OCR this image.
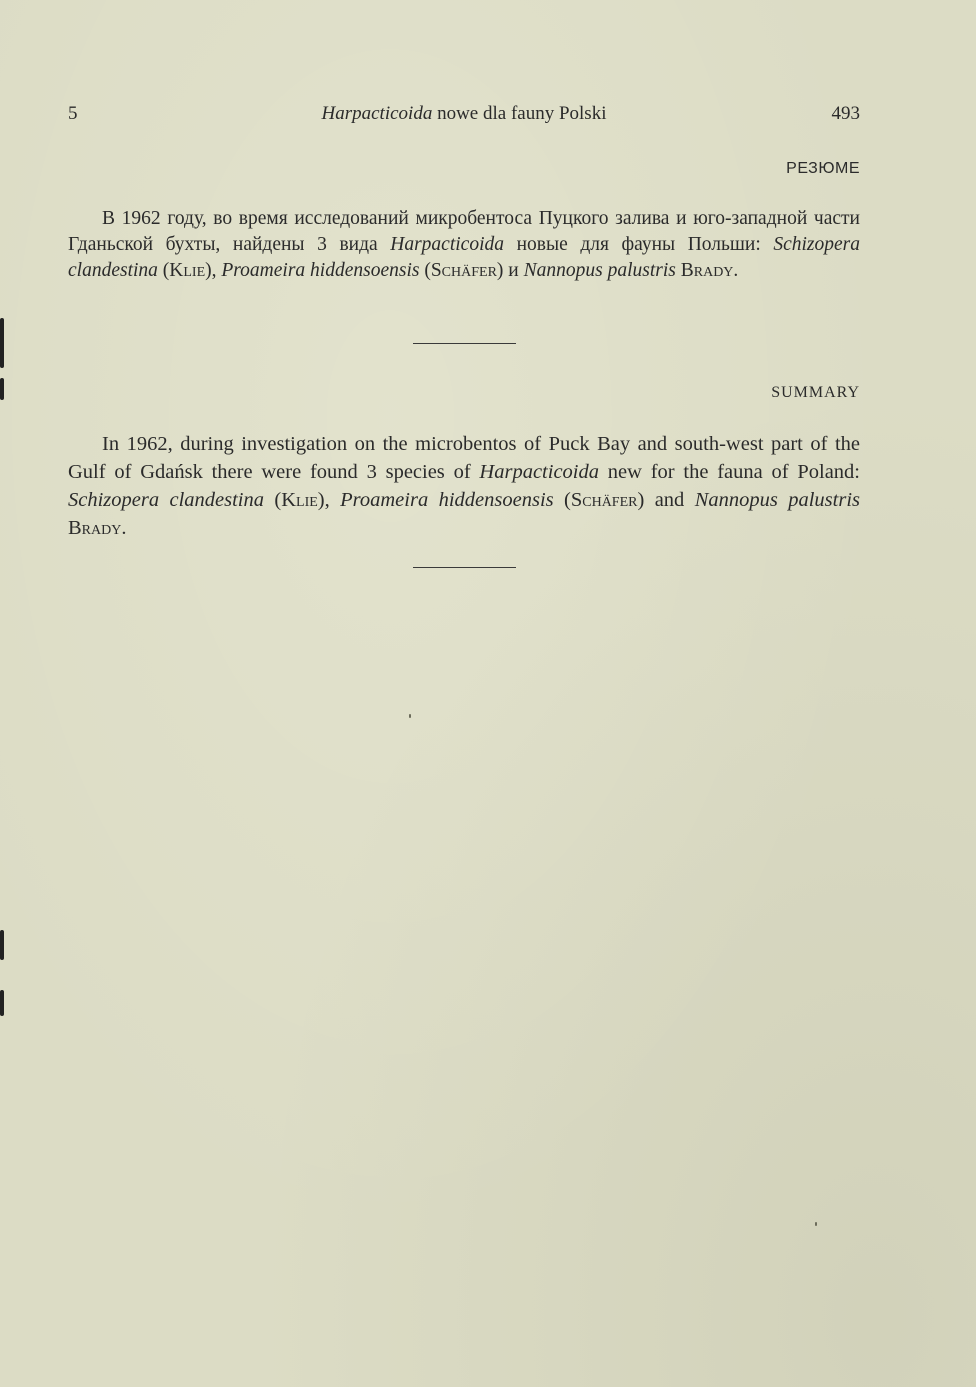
5	Harpacticoida nowe dla fauny Polski	493
РЕЗЮМЕ
В 1962 году, во время исследований микробентоса Пуцкого залива и юго-западной части Гданьской бухты, найдены 3 вида Harpacticoida новые для фауны Польши: Schizopera clandestina (Klie), Proameira hiddensoensis (Schäfer) и Nannopus palustris Brady.
SUMMARY
In 1962, during investigation on the microbentos of Puck Bay and south-west part of the Gulf of Gdańsk there were found 3 species of Harpacticoida new for the fauna of Poland: Schizopera clandestina (Klie), Proameira hiddensoensis (Schäfer) and Nannopus palustris Brady.
